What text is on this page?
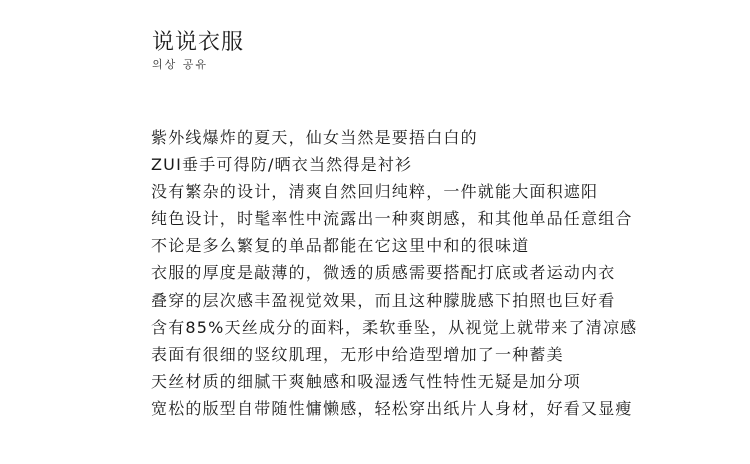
说说衣服
의상 공유
紫外线爆炸的夏天，仙女当然是要捂白白的
ZUI垂手可得防/晒衣当然得是衬衫
没有繁杂的设计，清爽自然回归纯粹，一件就能大面积遮阳
纯色设计，时髦率性中流露出一种爽朗感，和其他单品任意组合
不论是多么繁复的单品都能在它这里中和的很味道
衣服的厚度是敲薄的，微透的质感需要搭配打底或者运动内衣
叠穿的层次感丰盈视觉效果，而且这种朦胧感下拍照也巨好看
含有85%天丝成分的面料，柔软垂坠，从视觉上就带来了清凉感
表面有很细的竖纹肌理，无形中给造型增加了一种蓄美
天丝材质的细腻干爽触感和吸湿透气性特性无疑是加分项
宽松的版型自带随性慵懒感，轻松穿出纸片人身材，好看又显瘦
